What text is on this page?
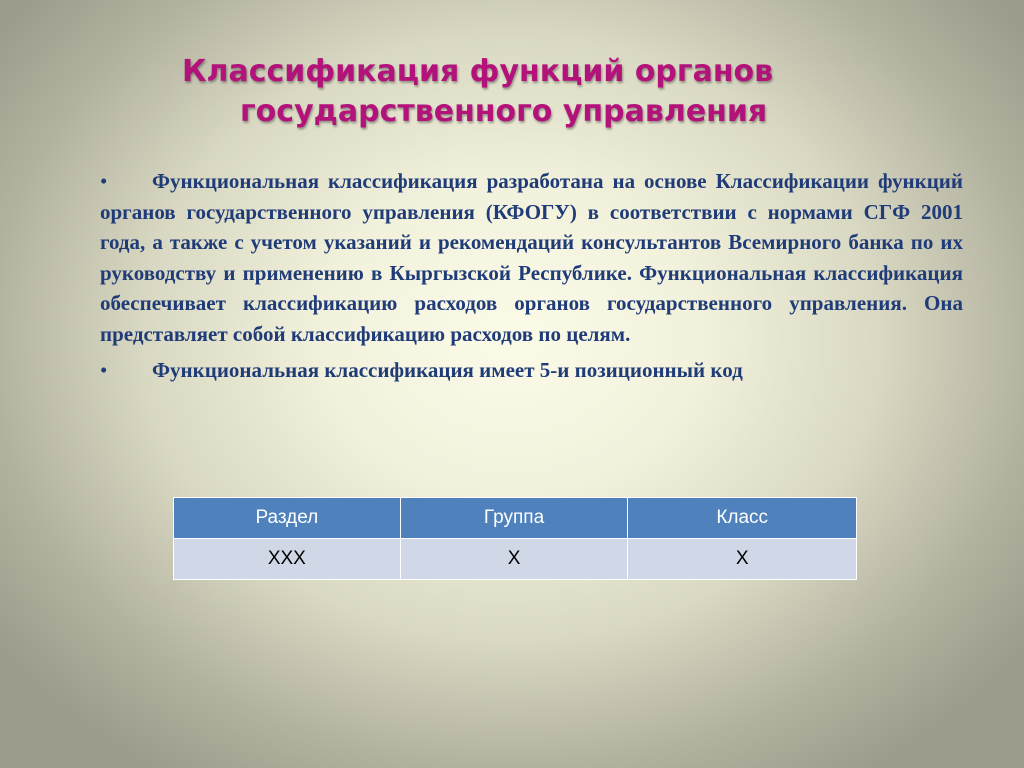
Классификация функций органов
государственного управления
• Функциональная классификация разработана на основе Классификации функций органов государственного управления (КФОГУ) в соответствии с нормами СГФ 2001 года, а также с учетом указаний и рекомендаций консультантов Всемирного банка по их руководству и применению в Кыргызской Республике. Функциональная классификация обеспечивает классификацию расходов органов государственного управления. Она представляет собой классификацию расходов по целям.
• Функциональная классификация имеет 5-и позиционный код
Раздел	Группа	Класс
ХХХ	Х	Х
